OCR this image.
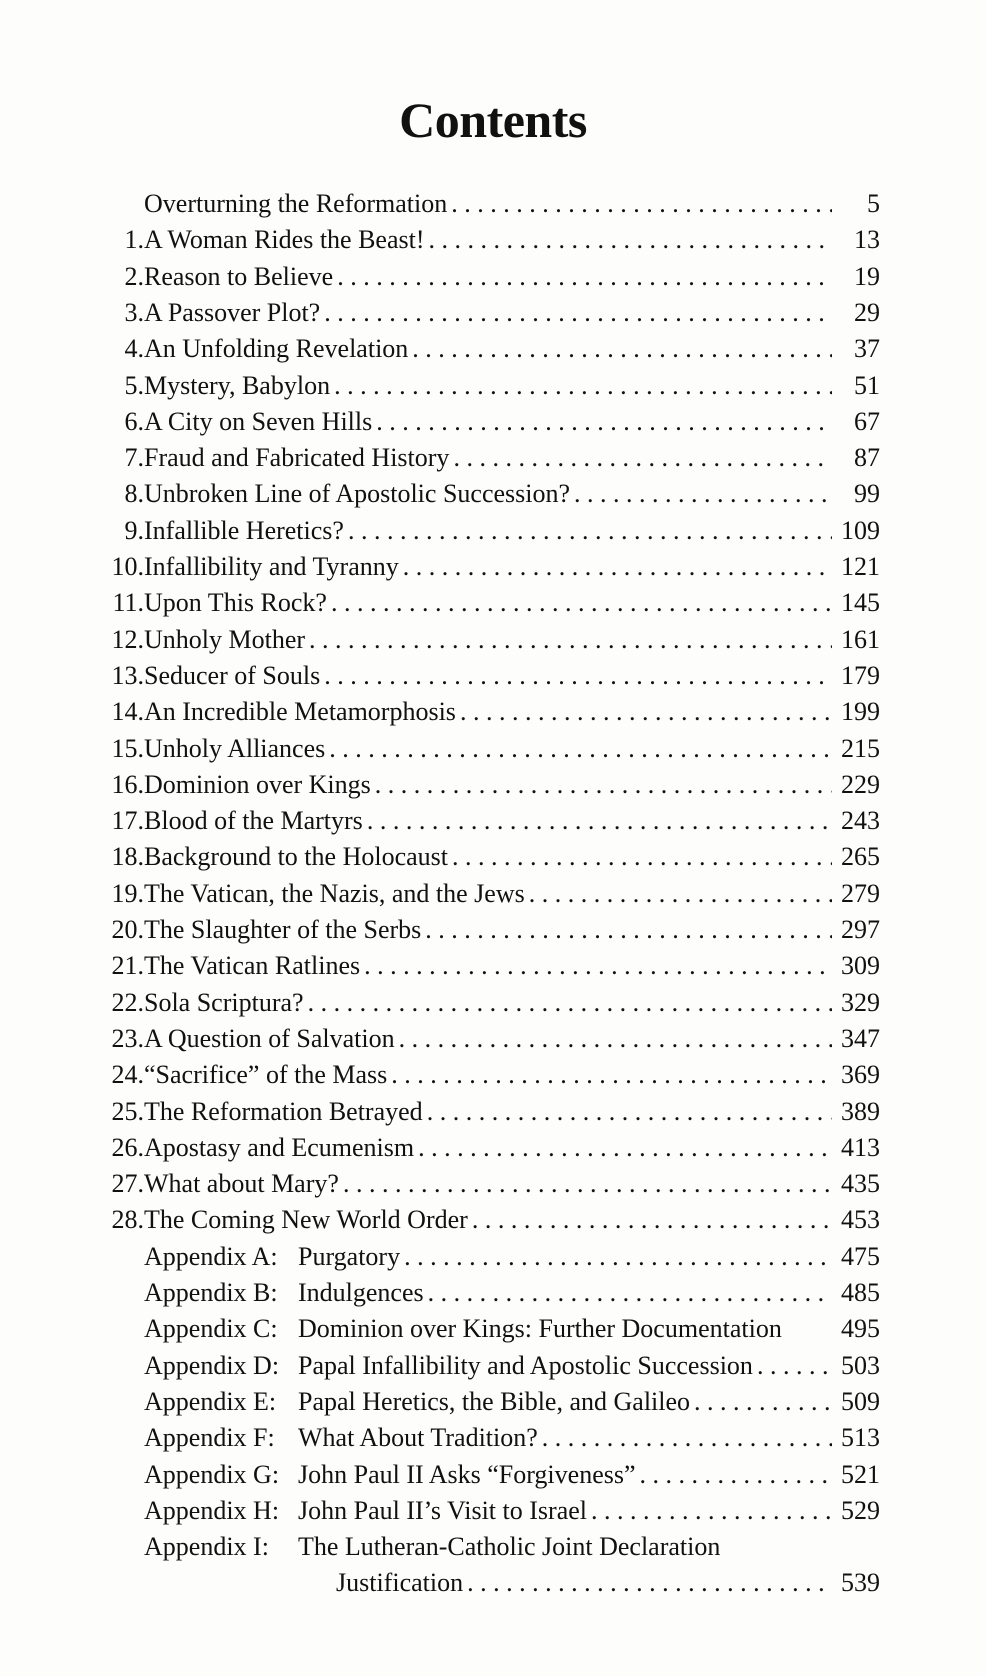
Contents
Overturning the Reformation . . .	5
1. A Woman Rides the Beast! . . .	13
2. Reason to Believe . . .	19
3. A Passover Plot? . . .	29
4. An Unfolding Revelation . . .	37
5. Mystery, Babylon . . .	51
6. A City on Seven Hills . . .	67
7. Fraud and Fabricated History . . .	87
8. Unbroken Line of Apostolic Succession? . . .	99
9. Infallible Heretics? . . .	109
10. Infallibility and Tyranny . . .	121
11. Upon This Rock? . . .	145
12. Unholy Mother . . .	161
13. Seducer of Souls . . .	179
14. An Incredible Metamorphosis . . .	199
15. Unholy Alliances . . .	215
16. Dominion over Kings . . .	229
17. Blood of the Martyrs . . .	243
18. Background to the Holocaust . . .	265
19. The Vatican, the Nazis, and the Jews . . .	279
20. The Slaughter of the Serbs . . .	297
21. The Vatican Ratlines . . .	309
22. Sola Scriptura? . . .	329
23. A Question of Salvation . . .	347
24. “Sacrifice” of the Mass . . .	369
25. The Reformation Betrayed . . .	389
26. Apostasy and Ecumenism . . .	413
27. What about Mary? . . .	435
28. The Coming New World Order . . .	453
Appendix A: Purgatory . . .	475
Appendix B: Indulgences . . .	485
Appendix C: Dominion over Kings: Further Documentation 495
Appendix D: Papal Infallibility and Apostolic Succession . . .	503
Appendix E: Papal Heretics, the Bible, and Galileo . . .	509
Appendix F: What About Tradition? . . .	513
Appendix G: John Paul II Asks “Forgiveness” . . .	521
Appendix H: John Paul II’s Visit to Israel . . .	529
Appendix I:	The Lutheran-Catholic Joint Declaration
Justification . . .	539
